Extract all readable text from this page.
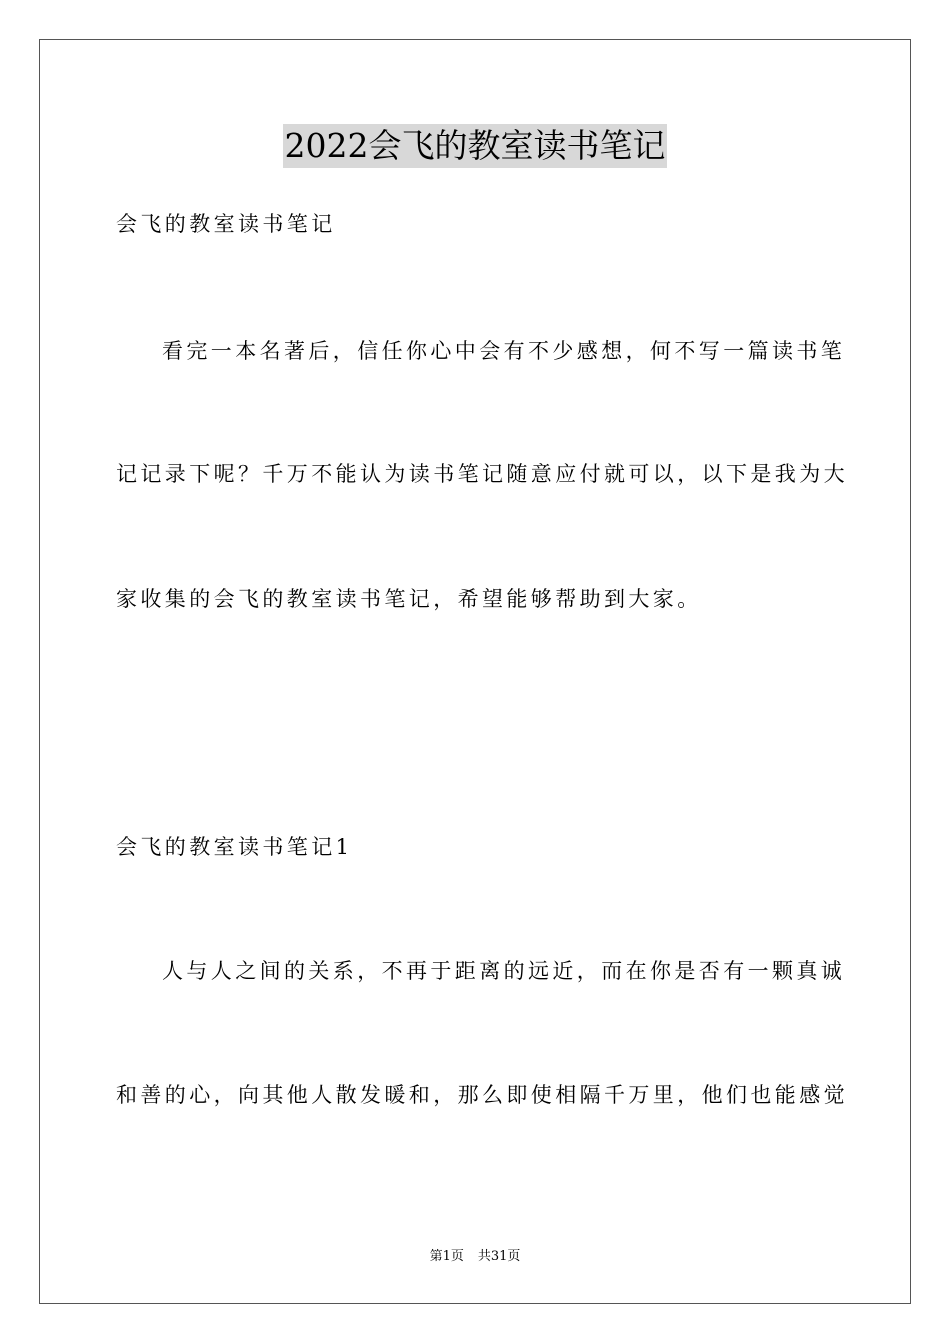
2022会飞的教室读书笔记
会飞的教室读书笔记
看完一本名著后，信任你心中会有不少感想，何不写一篇读书笔
记记录下呢？千万不能认为读书笔记随意应付就可以，以下是我为大
家收集的会飞的教室读书笔记，希望能够帮助到大家。
会飞的教室读书笔记1
人与人之间的关系，不再于距离的远近，而在你是否有一颗真诚
和善的心，向其他人散发暖和，那么即使相隔千万里，他们也能感觉
第1页 共31页
